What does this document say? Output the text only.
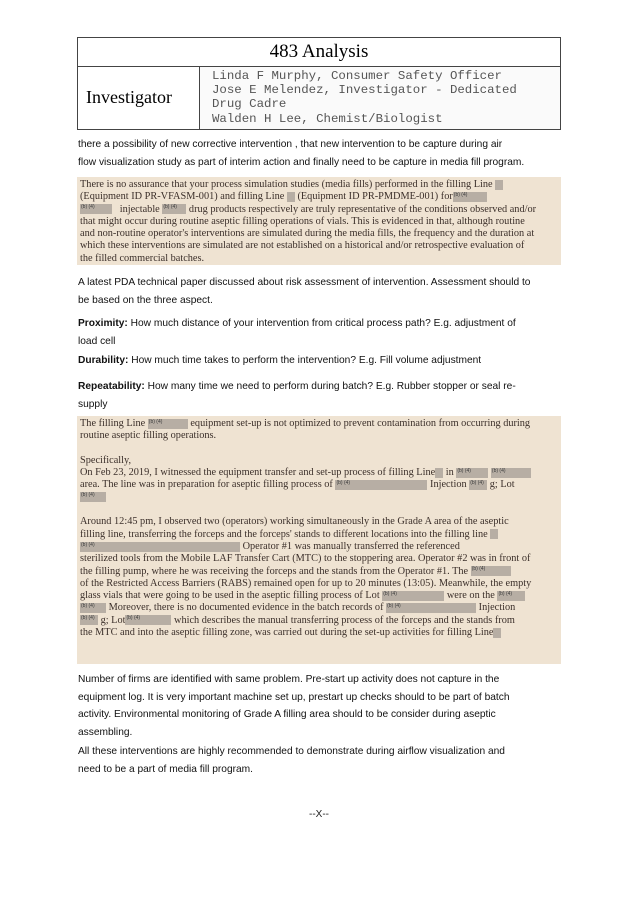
483 Analysis
Investigator
Linda F Murphy, Consumer Safety Officer
Jose E Melendez, Investigator - Dedicated
Drug Cadre
Walden H Lee, Chemist/Biologist

there a possibility of new corrective intervention , that new intervention to be capture during air
flow visualization study as part of interim action and finally need to be capture in media fill program.

There is no assurance that your process simulation studies (media fills) performed in the filling Line
(Equipment ID PR-VFASM-001) and filling Line (Equipment ID PR-PMDME-001) for (b) (4)
(b) (4) injectable (b) (4) drug products respectively are truly representative of the conditions observed and/or
that might occur during routine aseptic filling operations of vials. This is evidenced in that, although routine
and non-routine operator's interventions are simulated during the media fills, the frequency and the duration at
which these interventions are simulated are not established on a historical and/or retrospective evaluation of
the filled commercial batches.

A latest PDA technical paper discussed about risk assessment of intervention. Assessment should to
be based on the three aspect.

Proximity: How much distance of your intervention from critical process path? E.g. adjustment of
load cell

Durability: How much time takes to perform the intervention? E.g. Fill volume adjustment

Repeatability: How many time we need to perform during batch? E.g. Rubber stopper or seal re-
supply

The filling Line (b) (4)	equipment set-up is not optimized to prevent contamination from occurring during
routine aseptic filling operations.

Specifically,
On Feb 23, 2019, I witnessed the equipment transfer and set-up process of filling Line in (b) (4)
	(b) (4)
area. The line was in preparation for aseptic filling process of (b) (4)	Injection (b) (4) g; Lot
(b) (4)

Around 12:45 pm, I observed two (operators) working simultaneously in the Grade A area of the aseptic
filling line, transferring the forceps and the forceps' stands to different locations into the filling line
(b) (4)	Operator #1 was manually transferred the referenced
sterilized tools from the Mobile LAF Transfer Cart (MTC) to the stoppering area. Operator #2 was in front of
the filling pump, where he was receiving the forceps and the stands from the Operator #1. The (b) (4)
of the Restricted Access Barriers (RABS) remained open for up to 20 minutes (13:05). Meanwhile, the empty
glass vials that were going to be used in the aseptic filling process of Lot (b) (4)	were on the (b) (4)
(b) (4) Moreover, there is no documented evidence in the batch records of (b) (4)	Injection
(b) (4) g; Lot (b) (4)	which describes the manual transferring process of the forceps and the stands from
the MTC and into the aseptic filling zone, was carried out during the set-up activities for filling Line

Number of firms are identified with same problem. Pre-start up activity does not capture in the
equipment log. It is very important machine set up, prestart up checks should to be part of batch
activity. Environmental monitoring of Grade A filling area should to be consider during aseptic
assembling.

All these interventions are highly recommended to demonstrate during airflow visualization and
need to be a part of media fill program.

--X--
